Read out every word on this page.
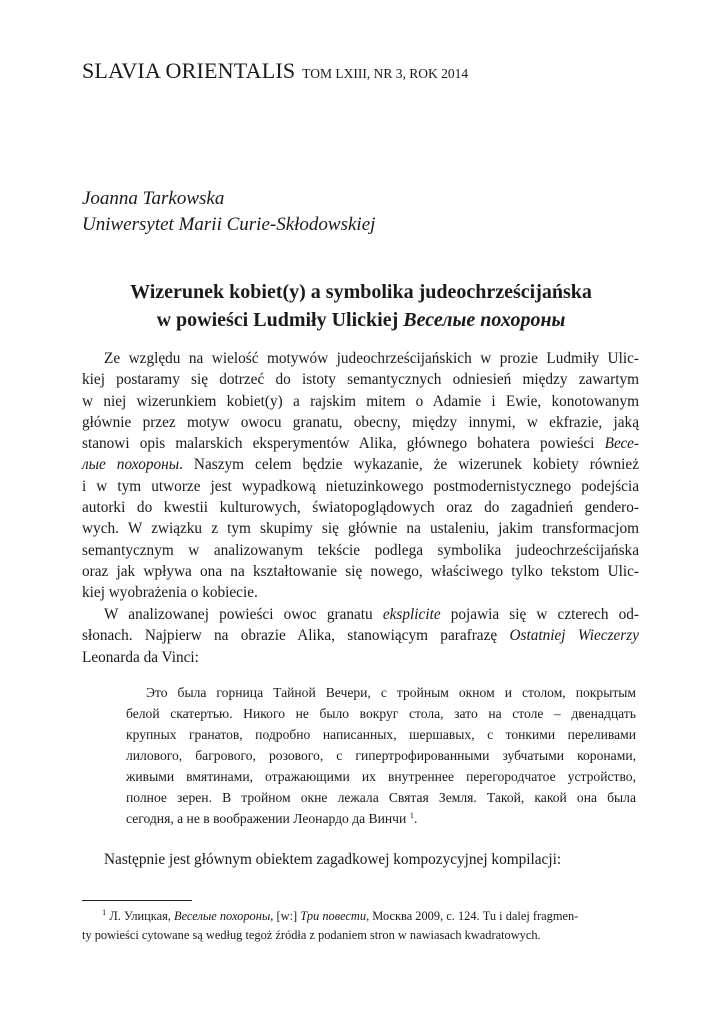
SLAVIA ORIENTALIS TOM LXIII, NR 3, ROK 2014
Joanna Tarkowska
Uniwersytet Marii Curie-Skłodowskiej
Wizerunek kobiet(y) a symbolika judeochrześcijańska
w powieści Ludmiły Ulickiej Веселые похороны
Ze względu na wielość motywów judeochrześcijańskich w prozie Ludmiły Ulic-
kiej postaramy się dotrzeć do istoty semantycznych odniesień między zawartym
w niej wizerunkiem kobiet(y) a rajskim mitem o Adamie i Ewie, konotowanym
głównie przez motyw owocu granatu, obecny, między innymi, w ekfrazie, jaką
stanowi opis malarskich eksperymentów Alika, głównego bohatera powieści Весе-
лые похороны. Naszym celem będzie wykazanie, że wizerunek kobiety również
i w tym utworze jest wypadkową nietuzinkowego postmodernistycznego podejścia
autorki do kwestii kulturowych, światopoglądowych oraz do zagadnień gendero-
wych. W związku z tym skupimy się głównie na ustaleniu, jakim transformacjom
semantycznym w analizowanym tekście podlega symbolika judeochrześcijańska
oraz jak wpływa ona na kształtowanie się nowego, właściwego tylko tekstom Ulic-
kiej wyobrażenia o kobiecie.
W analizowanej powieści owoc granatu eksplicite pojawia się w czterech od-
słonach. Najpierw na obrazie Alika, stanowiącym parafrazę Ostatniej Wieczerzy
Leonarda da Vinci:
Это была горница Тайной Вечери, с тройным окном и столом, покрытым
белой скатертью. Никого не было вокруг стола, зато на столе – двенадцать
крупных гранатов, подробно написанных, шершавых, с тонкими переливами
лилового, багрового, розового, с гипертрофированными зубчатыми коронами,
живыми вмятинами, отражающими их внутреннее перегородчатое устройство,
полное зерен. В тройном окне лежала Святая Земля. Такой, какой она была
сегодня, а не в воображении Леонардо да Винчи $^1$.
Następnie jest głównym obiektem zagadkowej kompozycyjnej kompilacji:
$^1$ Л. Улицкая, Веселые похороны, [w:] Три повести, Москва 2009, с. 124. Tu i dalej fragmen-
ty powieści cytowane są według tegoż źródła z podaniem stron w nawiasach kwadratowych.
